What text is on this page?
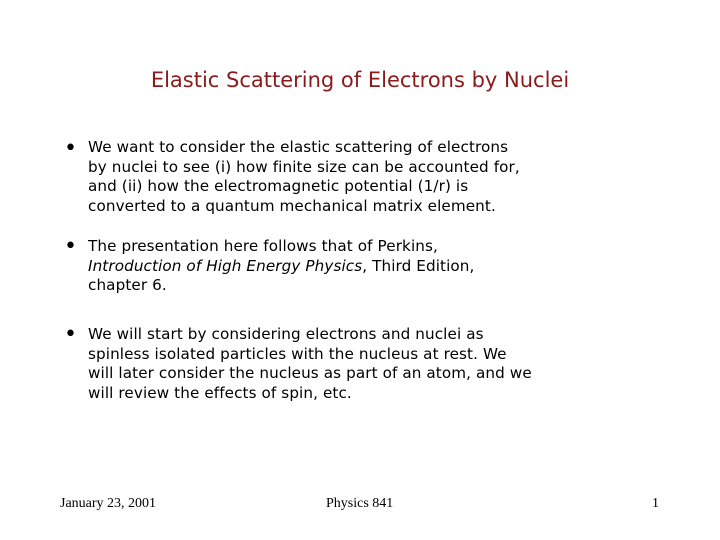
Elastic Scattering of Electrons by Nuclei
• We want to consider the elastic scattering of electrons
by nuclei to see (i) how finite size can be accounted for,
and (ii) how the electromagnetic potential (1/r) is
converted to a quantum mechanical matrix element.
• The presentation here follows that of Perkins,
Introduction of High Energy Physics, Third Edition,
chapter 6.
• We will start by considering electrons and nuclei as
spinless isolated particles with the nucleus at rest. We
will later consider the nucleus as part of an atom, and we
will review the effects of spin, etc.
January 23, 2001	Physics 841	1
